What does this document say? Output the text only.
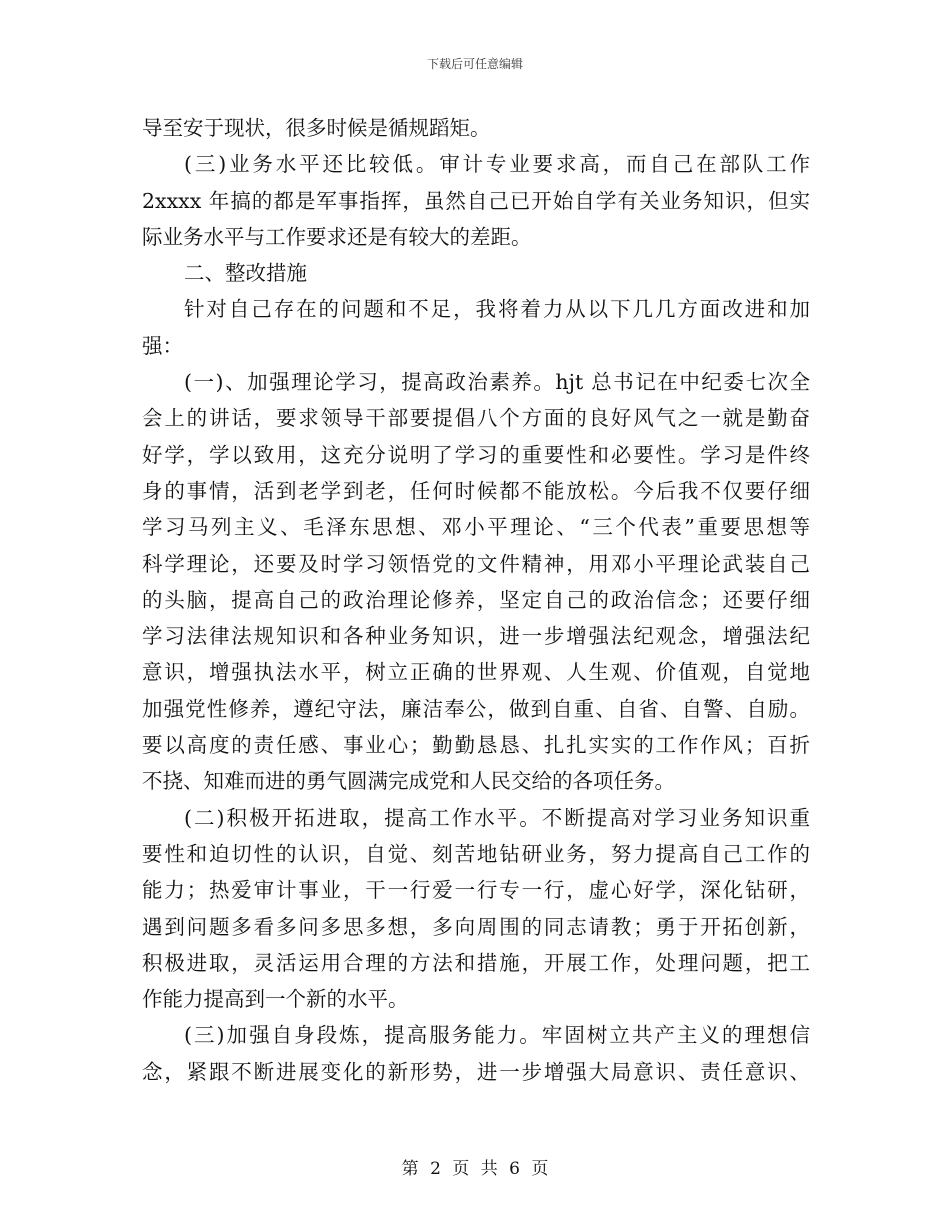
下载后可任意编辑
导至安于现状，很多时候是循规蹈矩。
(三)业务水平还比较低。审计专业要求高，而自己在部队工作
2xxxx 年搞的都是军事指挥，虽然自己已开始自学有关业务知识，但实
际业务水平与工作要求还是有较大的差距。
二、整改措施
针对自己存在的问题和不足，我将着力从以下几几方面改进和加
强：
(一)、加强理论学习，提高政治素养。hjt 总书记在中纪委七次全
会上的讲话，要求领导干部要提倡八个方面的良好风气之一就是勤奋
好学，学以致用，这充分说明了学习的重要性和必要性。学习是件终
身的事情，活到老学到老，任何时候都不能放松。今后我不仅要仔细
学习马列主义、毛泽东思想、邓小平理论、“三个代表”重要思想等
科学理论，还要及时学习领悟党的文件精神，用邓小平理论武装自己
的头脑，提高自己的政治理论修养，坚定自己的政治信念；还要仔细
学习法律法规知识和各种业务知识，进一步增强法纪观念，增强法纪
意识，增强执法水平，树立正确的世界观、人生观、价值观，自觉地
加强党性修养，遵纪守法，廉洁奉公，做到自重、自省、自警、自励。
要以高度的责任感、事业心；勤勤恳恳、扎扎实实的工作作风；百折
不挠、知难而进的勇气圆满完成党和人民交给的各项任务。
(二)积极开拓进取，提高工作水平。不断提高对学习业务知识重
要性和迫切性的认识，自觉、刻苦地钻研业务，努力提高自己工作的
能力；热爱审计事业，干一行爱一行专一行，虚心好学，深化钻研，
遇到问题多看多问多思多想，多向周围的同志请教；勇于开拓创新，
积极进取，灵活运用合理的方法和措施，开展工作，处理问题，把工
作能力提高到一个新的水平。
(三)加强自身段炼，提高服务能力。牢固树立共产主义的理想信
念，紧跟不断进展变化的新形势，进一步增强大局意识、责任意识、
第 2 页 共 6 页
